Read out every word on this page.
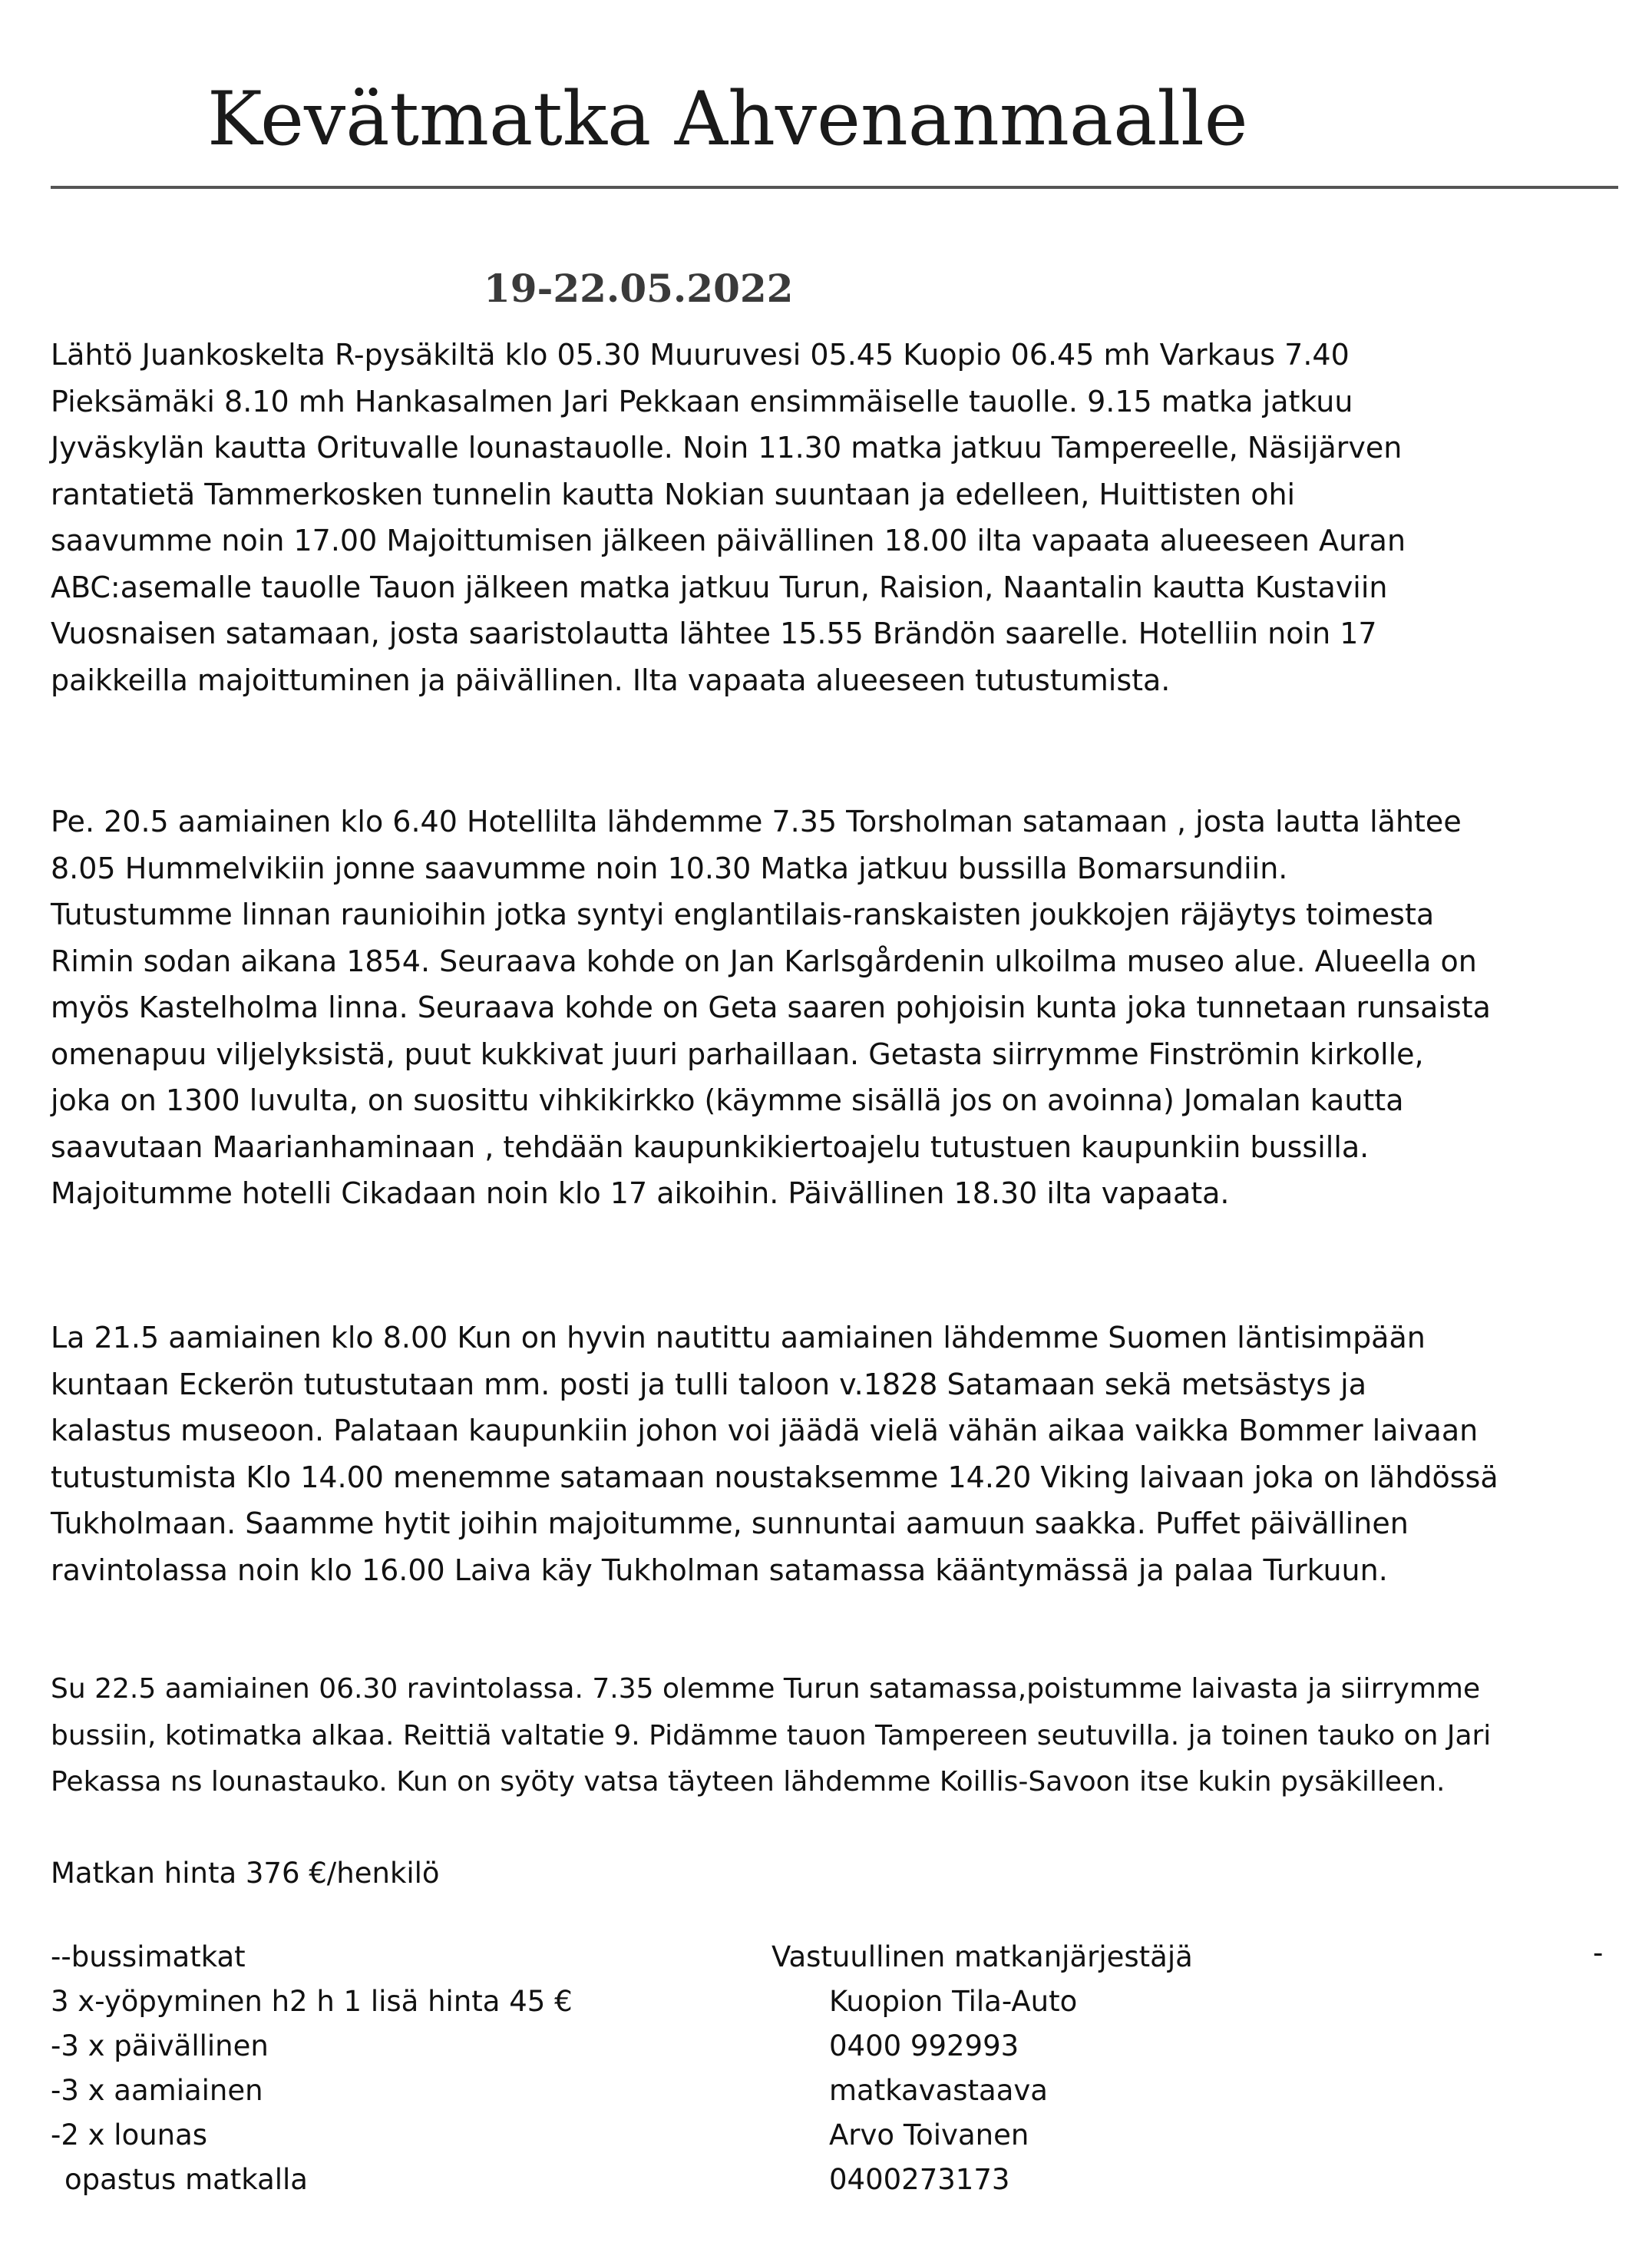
Kevätmatka Ahvenanmaalle

19-22.05.2022

Lähtö Juankoskelta R-pysäkiltä klo 05.30 Muuruvesi 05.45 Kuopio 06.45 mh Varkaus 7.40
Pieksämäki 8.10 mh Hankasalmen Jari Pekkaan ensimmäiselle tauolle. 9.15 matka jatkuu
Jyväskylän kautta Orituvalle lounastauolle. Noin 11.30 matka jatkuu Tampereelle, Näsijärven
rantatietä Tammerkosken tunnelin kautta Nokian suuntaan ja edelleen, Huittisten ohi
saavumme noin 17.00 Majoittumisen jälkeen päivällinen 18.00 ilta vapaata alueeseen Auran
ABC:asemalle tauolle Tauon jälkeen matka jatkuu Turun, Raision, Naantalin kautta Kustaviin
Vuosnaisen satamaan, josta saaristolautta lähtee 15.55 Brändön saarelle. Hotelliin noin 17
paikkeilla majoittuminen ja päivällinen. Ilta vapaata alueeseen tutustumista.
Pe. 20.5 aamiainen klo 6.40 Hotellilta lähdemme 7.35 Torsholman satamaan , josta lautta lähtee
8.05 Hummelvikiin jonne saavumme noin 10.30 Matka jatkuu bussilla Bomarsundiin.
Tutustumme linnan raunioihin jotka syntyi englantilais-ranskaisten joukkojen räjäytys toimesta
Rimin sodan aikana 1854. Seuraava kohde on Jan Karlsgårdenin ulkoilma museo alue. Alueella on
myös Kastelholma linna. Seuraava kohde on Geta saaren pohjoisin kunta joka tunnetaan runsaista
omenapuu viljelyksistä, puut kukkivat juuri parhaillaan. Getasta siirrymme Finströmin kirkolle,
joka on 1300 luvulta, on suosittu vihkikirkko (käymme sisällä jos on avoinna) Jomalan kautta
saavutaan Maarianhaminaan , tehdään kaupunkikiertoajelu tutustuen kaupunkiin bussilla.
Majoitumme hotelli Cikadaan noin klo 17 aikoihin. Päivällinen 18.30 ilta vapaata.
La 21.5 aamiainen klo 8.00 Kun on hyvin nautittu aamiainen lähdemme Suomen läntisimpään
kuntaan Eckerön tutustutaan mm. posti ja tulli taloon v.1828 Satamaan sekä metsästys ja
kalastus museoon. Palataan kaupunkiin johon voi jäädä vielä vähän aikaa vaikka Bommer laivaan
tutustumista Klo 14.00 menemme satamaan noustaksemme 14.20 Viking laivaan joka on lähdössä
Tukholmaan. Saamme hytit joihin majoitumme, sunnuntai aamuun saakka. Puffet päivällinen
ravintolassa noin klo 16.00 Laiva käy Tukholman satamassa kääntymässä ja palaa Turkuun.
Su 22.5 aamiainen 06.30 ravintolassa. 7.35 olemme Turun satamassa,poistumme laivasta ja siirrymme
bussiin, kotimatka alkaa. Reittiä valtatie 9. Pidämme tauon Tampereen seutuvilla. ja toinen tauko on Jari
Pekassa ns lounastauko. Kun on syöty vatsa täyteen lähdemme Koillis-Savoon itse kukin pysäkilleen.

Matkan hinta 376 €/henkilö

--bussimatkat
3 x-yöpyminen h2 h 1 lisä hinta 45 €
-3 x päivällinen
-3 x aamiainen
-2 x lounas
opastus matkalla
Vastuullinen matkanjärjestäjä
Kuopion Tila-Auto
0400 992993
matkavastaava
Arvo Toivanen
0400273173
-
